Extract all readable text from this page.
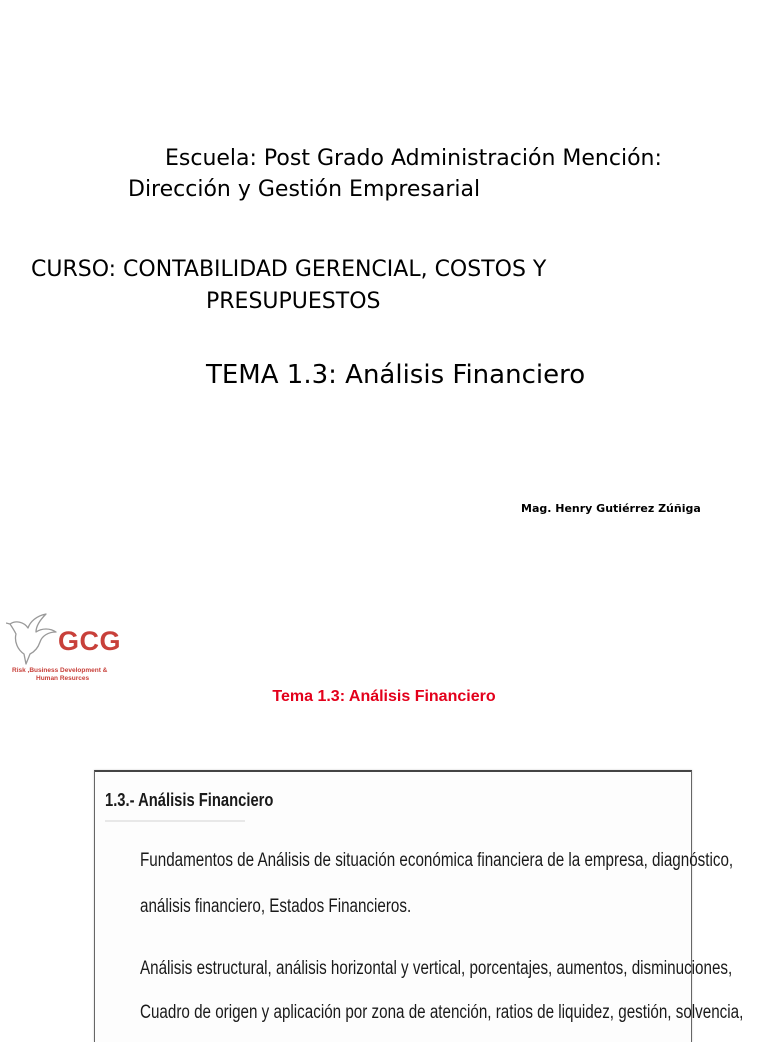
Escuela: Post Grado Administración Mención:
Dirección y Gestión Empresarial
CURSO: CONTABILIDAD GERENCIAL, COSTOS Y
PRESUPUESTOS
TEMA 1.3: Análisis Financiero
Mag. Henry Gutiérrez Zúñiga
GCG
Risk ,Business Development &
Human Resurces
Tema 1.3: Análisis Financiero
1.3.- Análisis Financiero
Fundamentos de Análisis de situación económica financiera de la empresa, diagnóstico,
análisis financiero, Estados Financieros.
Análisis estructural, análisis horizontal y vertical, porcentajes, aumentos, disminuciones,
Cuadro de origen y aplicación por zona de atención, ratios de liquidez, gestión, solvencia,
